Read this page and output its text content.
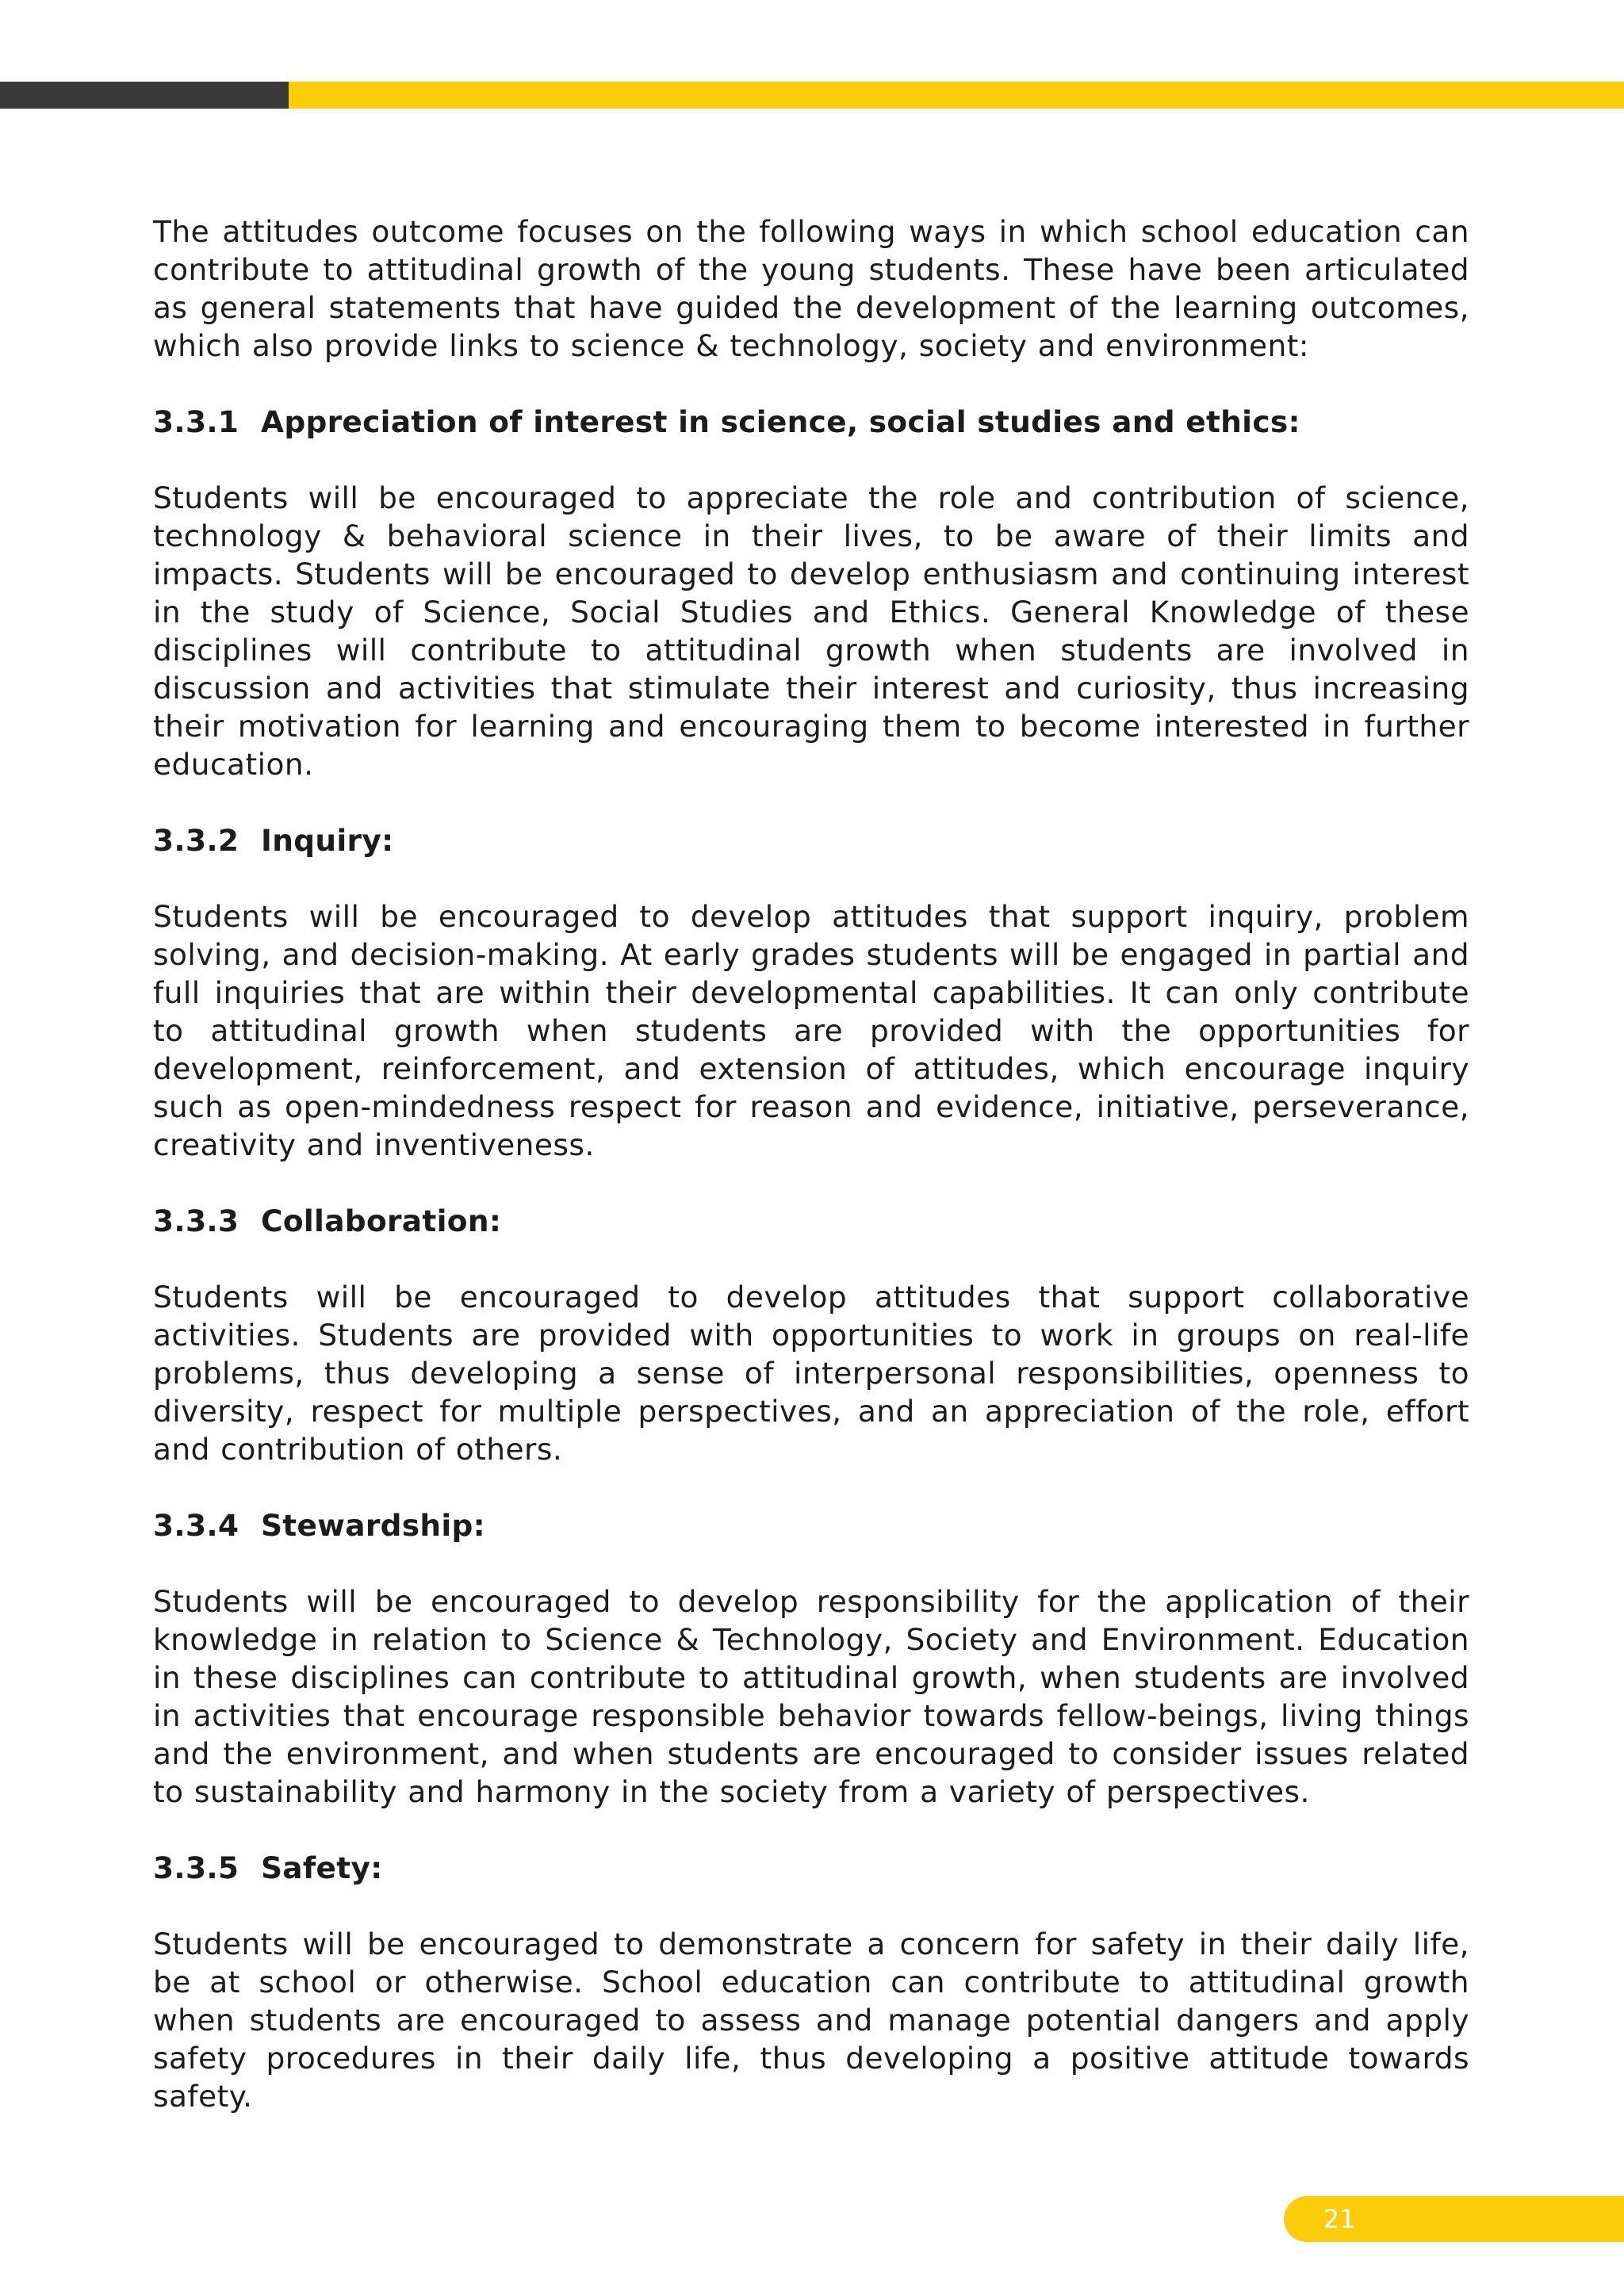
The attitudes outcome focuses on the following ways in which school education can contribute to attitudinal growth of the young students. These have been articulated as general statements that have guided the development of the learning outcomes, which also provide links to science & technology, society and environment:

3.3.1 Appreciation of interest in science, social studies and ethics:

Students will be encouraged to appreciate the role and contribution of science, technology & behavioral science in their lives, to be aware of their limits and impacts. Students will be encouraged to develop enthusiasm and continuing interest in the study of Science, Social Studies and Ethics. General Knowledge of these disciplines will contribute to attitudinal growth when students are involved in discussion and activities that stimulate their interest and curiosity, thus increasing their motivation for learning and encouraging them to become interested in further education.

3.3.2 Inquiry:

Students will be encouraged to develop attitudes that support inquiry, problem solving, and decision-making. At early grades students will be engaged in partial and full inquiries that are within their developmental capabilities. It can only contribute to attitudinal growth when students are provided with the opportunities for development, reinforcement, and extension of attitudes, which encourage inquiry such as open-mindedness respect for reason and evidence, initiative, perseverance, creativity and inventiveness.

3.3.3 Collaboration:

Students will be encouraged to develop attitudes that support collaborative activities. Students are provided with opportunities to work in groups on real-life problems, thus developing a sense of interpersonal responsibilities, openness to diversity, respect for multiple perspectives, and an appreciation of the role, effort and contribution of others.

3.3.4 Stewardship:

Students will be encouraged to develop responsibility for the application of their knowledge in relation to Science & Technology, Society and Environment. Education in these disciplines can contribute to attitudinal growth, when students are involved in activities that encourage responsible behavior towards fellow-beings, living things and the environment, and when students are encouraged to consider issues related to sustainability and harmony in the society from a variety of perspectives.

3.3.5 Safety:

Students will be encouraged to demonstrate a concern for safety in their daily life, be at school or otherwise. School education can contribute to attitudinal growth when students are encouraged to assess and manage potential dangers and apply safety procedures in their daily life, thus developing a positive attitude towards safety.

21
